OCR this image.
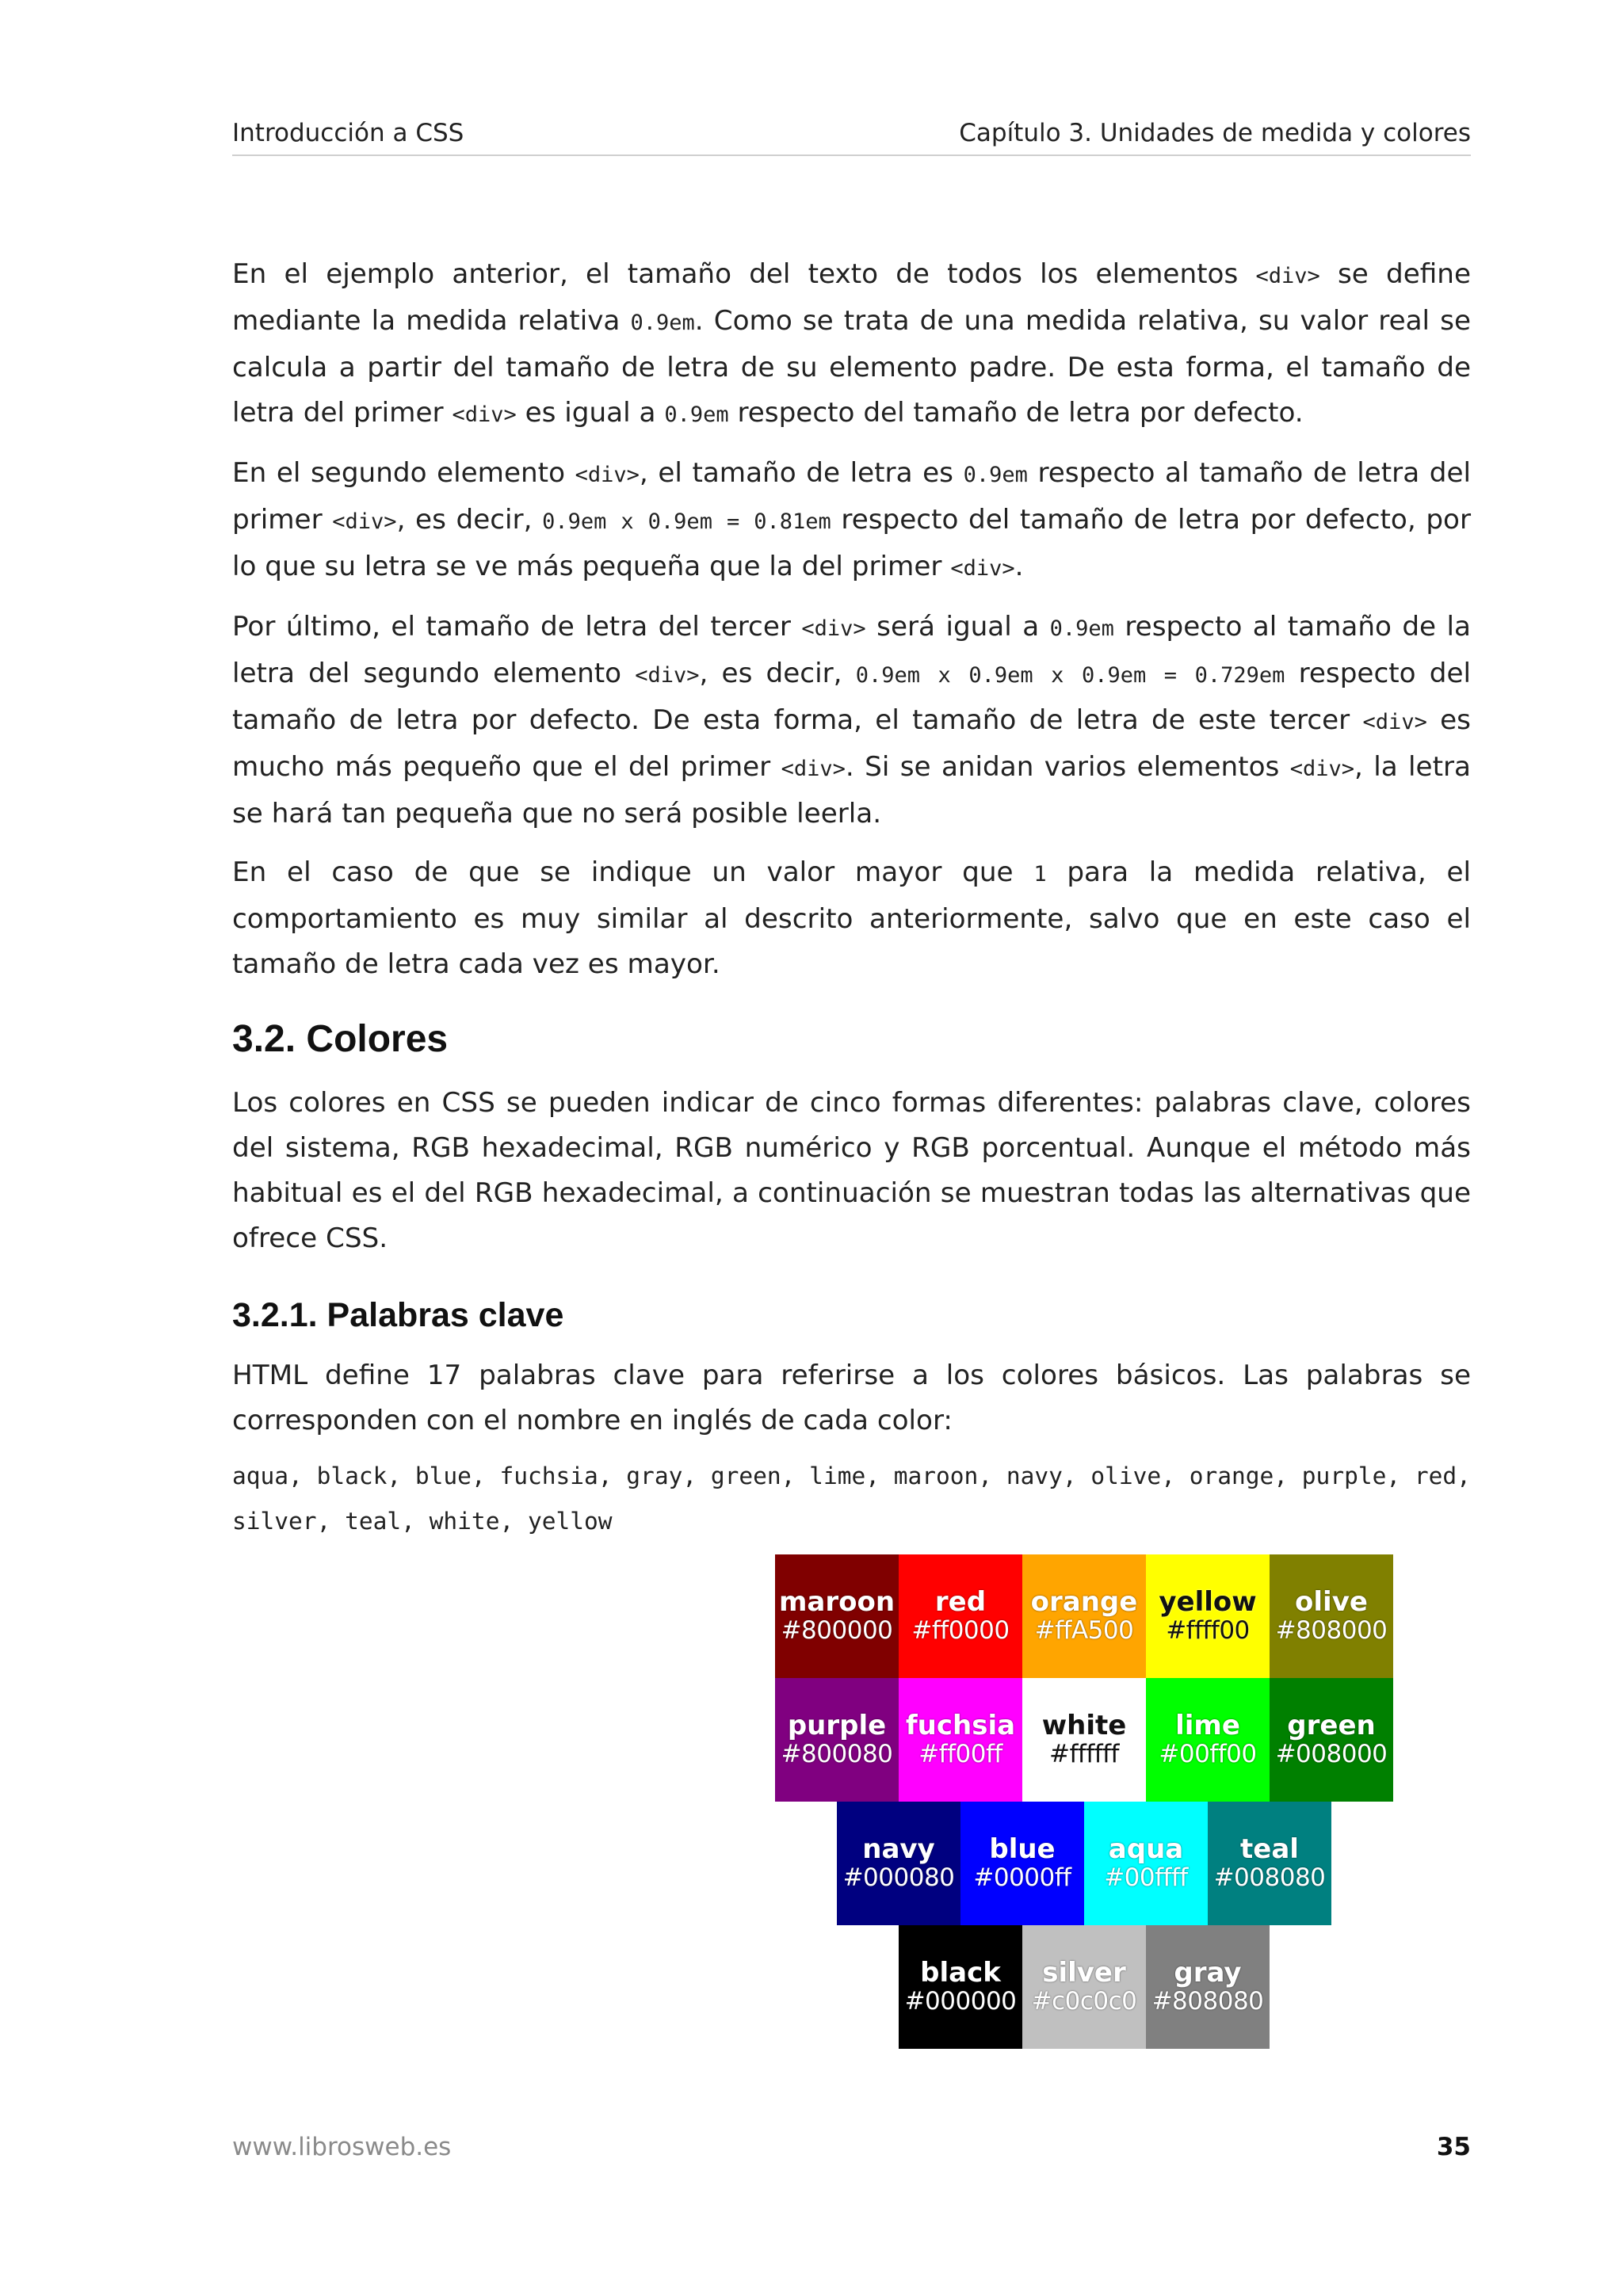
Introducción a CSS	Capítulo 3. Unidades de medida y colores

En el ejemplo anterior, el tamaño del texto de todos los elementos <div> se define mediante la medida relativa 0.9em. Como se trata de una medida relativa, su valor real se calcula a partir del tamaño de letra de su elemento padre. De esta forma, el tamaño de letra del primer <div> es igual a 0.9em respecto del tamaño de letra por defecto.

En el segundo elemento <div>, el tamaño de letra es 0.9em respecto al tamaño de letra del primer <div>, es decir, 0.9em x 0.9em = 0.81em respecto del tamaño de letra por defecto, por lo que su letra se ve más pequeña que la del primer <div>.

Por último, el tamaño de letra del tercer <div> será igual a 0.9em respecto al tamaño de la letra del segundo elemento <div>, es decir, 0.9em x 0.9em x 0.9em = 0.729em respecto del tamaño de letra por defecto. De esta forma, el tamaño de letra de este tercer <div> es mucho más pequeño que el del primer <div>. Si se anidan varios elementos <div>, la letra se hará tan pequeña que no será posible leerla.

En el caso de que se indique un valor mayor que 1 para la medida relativa, el comportamiento es muy similar al descrito anteriormente, salvo que en este caso el tamaño de letra cada vez es mayor.

3.2. Colores

Los colores en CSS se pueden indicar de cinco formas diferentes: palabras clave, colores del sistema, RGB hexadecimal, RGB numérico y RGB porcentual. Aunque el método más habitual es el del RGB hexadecimal, a continuación se muestran todas las alternativas que ofrece CSS.

3.2.1. Palabras clave

HTML define 17 palabras clave para referirse a los colores básicos. Las palabras se corresponden con el nombre en inglés de cada color:

aqua, black, blue, fuchsia, gray, green, lime, maroon, navy, olive, orange, purple, red, silver, teal, white, yellow
maroon
#800000
red
#ff0000
orange
#ffA500
yellow
#ffff00
olive
#808000
purple
#800080
fuchsia
#ff00ff
white
#ffffff
lime
#00ff00
green
#008000
navy
#000080
blue
#0000ff
aqua
#00ffff
teal
#008080
black
#000000
silver
#c0c0c0
gray
#808080
www.librosweb.es	35
